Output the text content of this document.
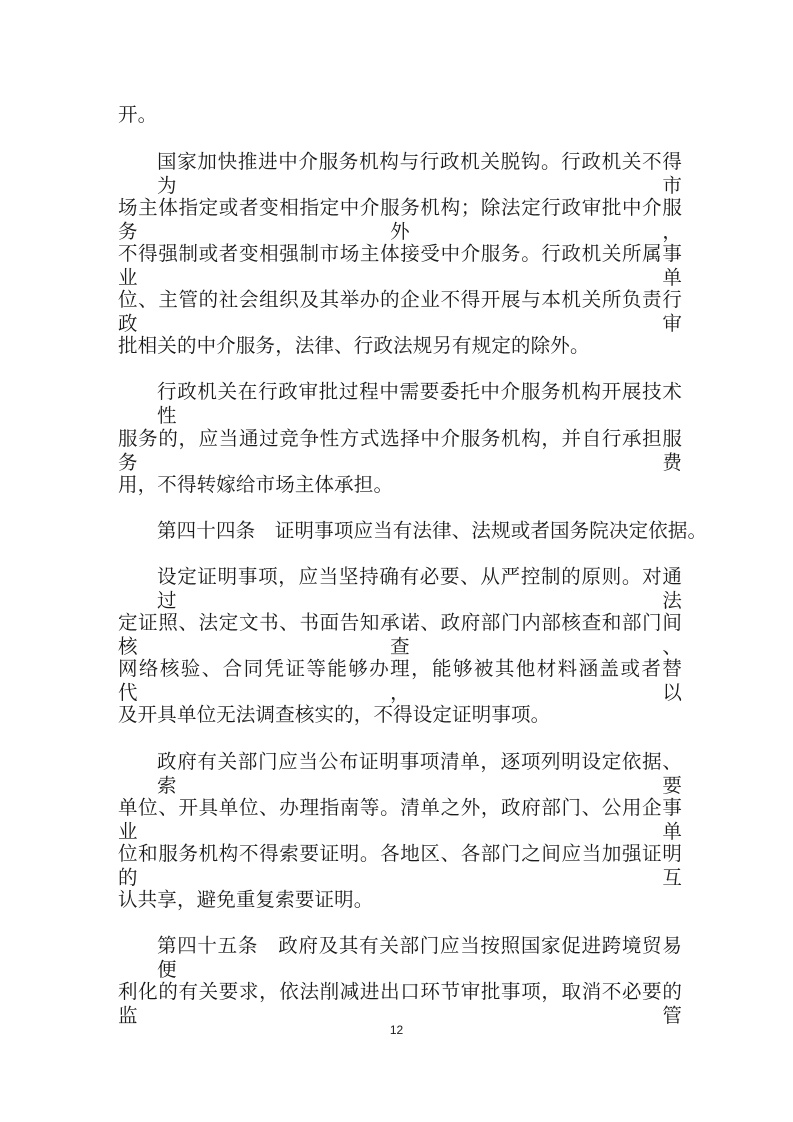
开。
国家加快推进中介服务机构与行政机关脱钩。行政机关不得为市
场主体指定或者变相指定中介服务机构；除法定行政审批中介服务外，
不得强制或者变相强制市场主体接受中介服务。行政机关所属事业单
位、主管的社会组织及其举办的企业不得开展与本机关所负责行政审
批相关的中介服务，法律、行政法规另有规定的除外。
行政机关在行政审批过程中需要委托中介服务机构开展技术性
服务的，应当通过竞争性方式选择中介服务机构，并自行承担服务费
用，不得转嫁给市场主体承担。
第四十四条　证明事项应当有法律、法规或者国务院决定依据。
设定证明事项，应当坚持确有必要、从严控制的原则。对通过法
定证照、法定文书、书面告知承诺、政府部门内部核查和部门间核查、
网络核验、合同凭证等能够办理，能够被其他材料涵盖或者替代，以
及开具单位无法调查核实的，不得设定证明事项。
政府有关部门应当公布证明事项清单，逐项列明设定依据、索要
单位、开具单位、办理指南等。清单之外，政府部门、公用企事业单
位和服务机构不得索要证明。各地区、各部门之间应当加强证明的互
认共享，避免重复索要证明。
第四十五条　政府及其有关部门应当按照国家促进跨境贸易便
利化的有关要求，依法削减进出口环节审批事项，取消不必要的监管
12
